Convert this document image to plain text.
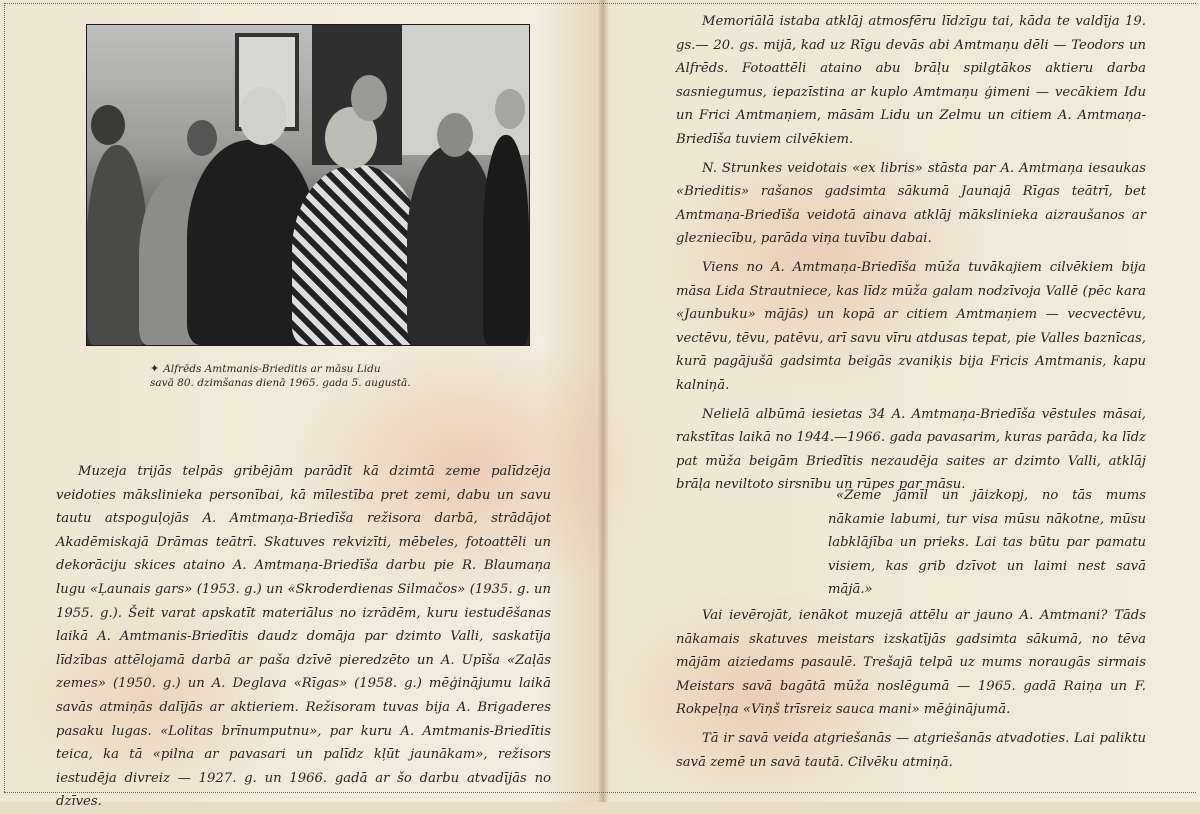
✦ Alfrēds Amtmanis-Brieditis ar māsu Lidu
savā 80. dzimšanas dienā 1965. gada 5. augustā.
Muzeja trijās telpās gribējām parādīt kā dzimtā zeme palīdzēja veidoties mākslinieka personībai, kā mīlestība pret zemi, dabu un savu tautu atspoguļojās A. Amtmaņa-Briedīša režisora darbā, strādājot Akadēmiskajā Drāmas teātrī. Skatuves rekvizīti, mēbeles, fotoattēli un dekorāciju skices ataino A. Amtmaņa-Briedīša darbu pie R. Blaumaņa lugu «Ļaunais gars» (1953. g.) un «Skroderdienas Silmačos» (1935. g. un 1955. g.). Šeit varat apskatīt materiālus no izrādēm, kuru iestudēšanas laikā A. Amtmanis-Briedītis daudz domāja par dzimto Valli, saskatīja līdzības attēlojamā darbā ar paša dzīvē pieredzēto un A. Upīša «Zaļās zemes» (1950. g.) un A. Deglava «Rīgas» (1958. g.) mēģinājumu laikā savās atmiņās dalījās ar aktieriem. Režisoram tuvas bija A. Brigaderes pasaku lugas. «Lolitas brīnumputnu», par kuru A. Amtmanis-Briedītis teica, ka tā «pilna ar pavasari un palīdz kļūt jaunākam», režisors iestudēja divreiz — 1927. g. un 1966. gadā ar šo darbu atvadījās no dzīves.

Memoriālā istaba atklāj atmosfēru līdzīgu tai, kāda te valdīja 19. gs.— 20. gs. mijā, kad uz Rīgu devās abi Amtmaņu dēli — Teodors un Alfrēds. Fotoattēli ataino abu brāļu spilgtākos aktieru darba sasniegumus, iepazīstina ar kuplo Amtmaņu ģimeni — vecākiem Idu un Frici Amtmaņiem, māsām Lidu un Zelmu un citiem A. Amtmaņa-Briedīša tuviem cilvēkiem.

N. Strunkes veidotais «ex libris» stāsta par A. Amtmaņa iesaukas «Brieditis» rašanos gadsimta sākumā Jaunajā Rīgas teātrī, bet Amtmaņa-Briedīša veidotā ainava atklāj mākslinieka aizraušanos ar glezniecību, parāda viņa tuvību dabai.

Viens no A. Amtmaņa-Briedīša mūža tuvākajiem cilvēkiem bija māsa Lida Strautniece, kas līdz mūža galam nodzīvoja Vallē (pēc kara «Jaunbuku» mājās) un kopā ar citiem Amtmaņiem — vecvectēvu, vectēvu, tēvu, patēvu, arī savu vīru atdusas tepat, pie Valles baznīcas, kurā pagājušā gadsimta beigās zvaniķis bija Fricis Amtmanis, kapu kalniņā.

Nelielā albūmā iesietas 34 A. Amtmaņa-Briedīša vēstules māsai, rakstītas laikā no 1944.—1966. gada pavasarim, kuras parāda, ka līdz pat mūža beigām Briedītis nezaudēja saites ar dzimto Valli, atklāj brāļa neviltoto sirsnību un rūpes par māsu.

«Zeme jāmīl un jāizkopj, no tās mums nākamie labumi, tur visa mūsu nākotne, mūsu labklājība un prieks. Lai tas būtu par pamatu visiem, kas grib dzīvot un laimi nest savā mājā.»

Vai ievērojāt, ienākot muzejā attēlu ar jauno A. Amtmani? Tāds nākamais skatuves meistars izskatījās gadsimta sākumā, no tēva mājām aiziedams pasaulē. Trešajā telpā uz mums noraugās sirmais Meistars savā bagātā mūža noslēgumā — 1965. gadā Raiņa un F. Rokpeļņa «Viņš trīsreiz sauca mani» mēģinājumā.

Tā ir savā veida atgriešanās — atgriešanās atvadoties. Lai paliktu savā zemē un savā tautā. Cilvēku atmiņā.
